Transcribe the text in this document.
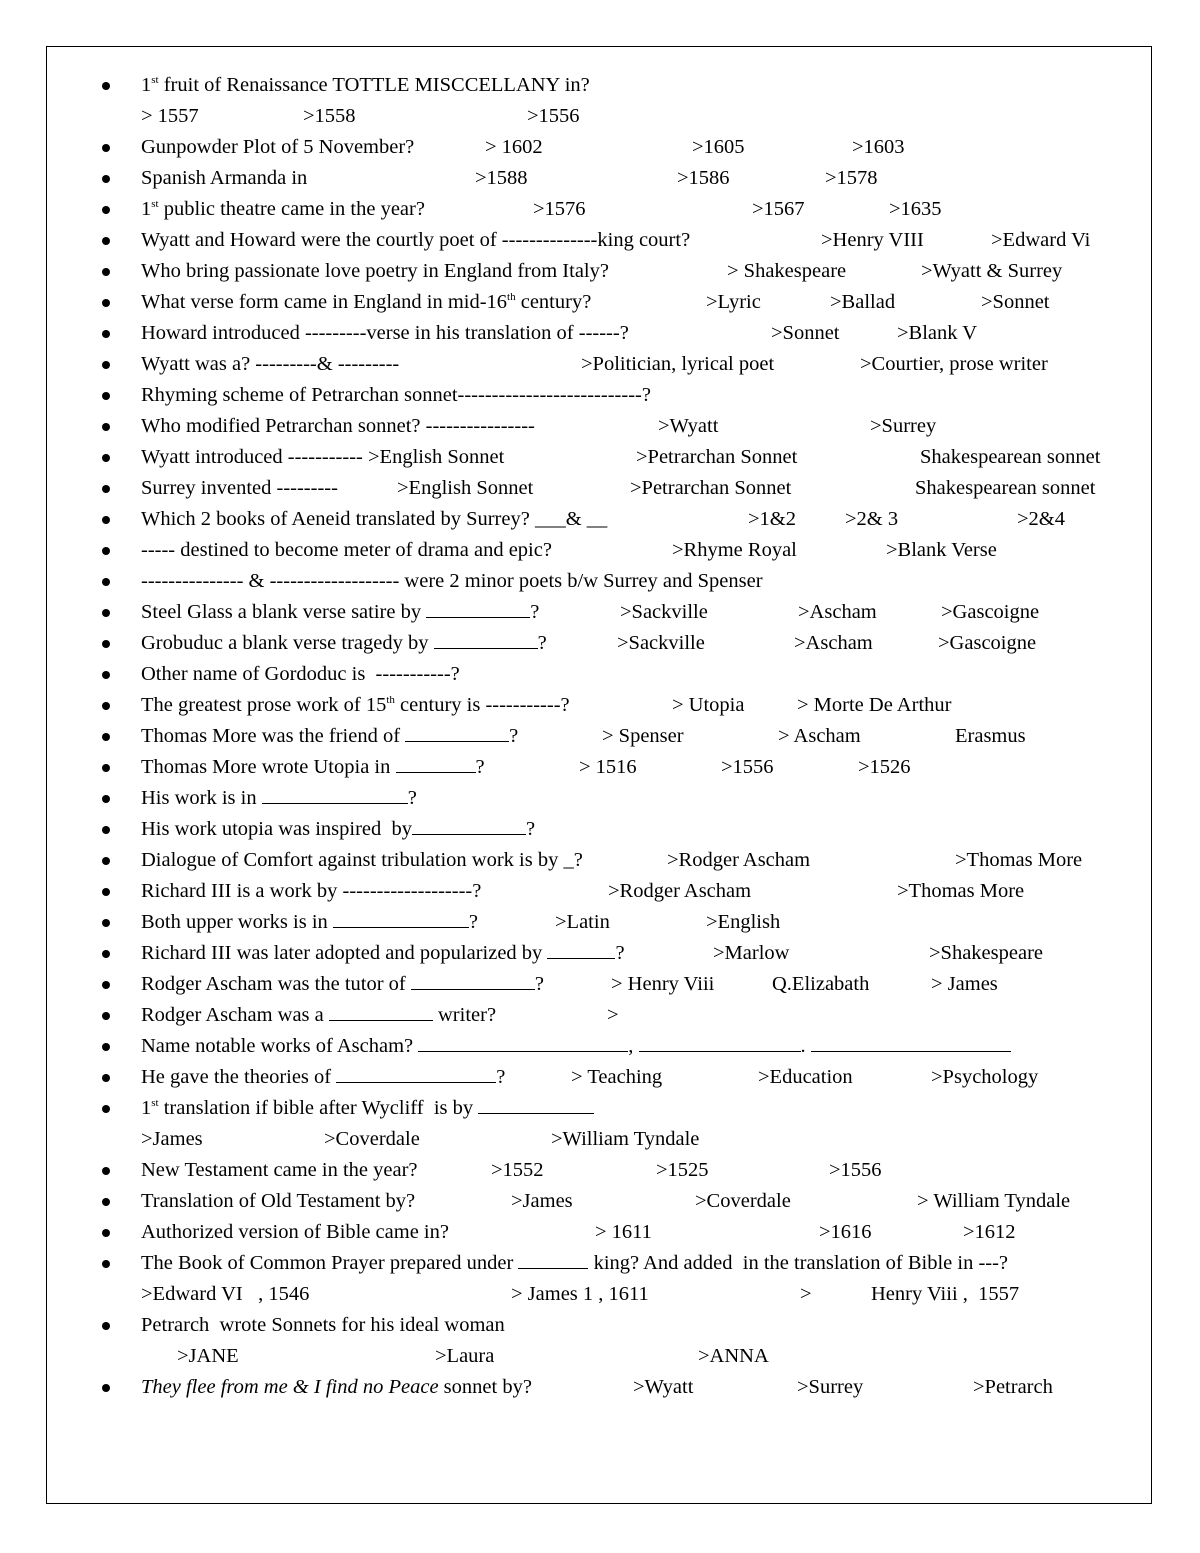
1st fruit of Renaissance TOTTLE MISCCELLANY in?
> 1557	>1558	>1556
Gunpowder Plot of 5 November?	> 1602	>1605	>1603
Spanish Armanda in	>1588	>1586	>1578
1st public theatre came in the year?	>1576	>1567	>1635
Wyatt and Howard were the courtly poet of --------------king court?	>Henry VIII	>Edward Vi
Who bring passionate love poetry in England from Italy?	> Shakespeare	>Wyatt & Surrey
What verse form came in England in mid-16th century?	>Lyric	>Ballad	>Sonnet
Howard introduced ---------verse in his translation of ------?	>Sonnet	>Blank V
Wyatt was a? ---------& ---------	>Politician, lyrical poet	>Courtier, prose writer
Rhyming scheme of Petrarchan sonnet---------------------------?
Who modified Petrarchan sonnet? ----------------	>Wyatt	>Surrey
Wyatt introduced ----------- >English Sonnet	>Petrarchan Sonnet	Shakespearean sonnet
Surrey invented ---------	>English Sonnet	>Petrarchan Sonnet	Shakespearean sonnet
Which 2 books of Aeneid translated by Surrey? ___& __	>1&2 >2& 3	>2&4
----- destined to become meter of drama and epic?	>Rhyme Royal	>Blank Verse
--------------- & ------------------- were 2 minor poets b/w Surrey and Spenser
Steel Glass a blank verse satire by	?	>Sackville	>Ascham	>Gascoigne
Grobuduc a blank verse tragedy by	?	>Sackville	>Ascham	>Gascoigne
Other name of Gordoduc is  -----------?
The greatest prose work of 15th century is -----------?	> Utopia	> Morte De Arthur
Thomas More was the friend of	?	> Spenser	> Ascham	Erasmus
Thomas More wrote Utopia in	?	> 1516	>1556	>1526
His work is in	?
His work utopia was inspired  by	?
Dialogue of Comfort against tribulation work is by _?	>Rodger Ascham	>Thomas More
Richard III is a work by -------------------?	>Rodger Ascham	>Thomas More
Both upper works is in	?	>Latin	>English
Richard III was later adopted and popularized by	?	>Marlow	>Shakespeare
Rodger Ascham was the tutor of	?	> Henry Viii	Q.Elizabath	> James
Rodger Ascham was a	writer?	>
Name notable works of Ascham?	,	.
He gave the theories of	?	> Teaching	>Education	>Psychology
1st translation if bible after Wycliff  is by
>James	>Coverdale	>William Tyndale
New Testament came in the year?	>1552	>1525	>1556
Translation of Old Testament by?	>James	>Coverdale	> William Tyndale
Authorized version of Bible came in?	> 1611	>1616	>1612
The Book of Common Prayer prepared under	king? And added  in the translation of Bible in ---?
>Edward VI   , 1546	> James 1 , 1611	>	Henry Viii ,  1557
Petrarch  wrote Sonnets for his ideal woman
>JANE	>Laura	>ANNA
They flee from me & I find no Peace sonnet by?	>Wyatt	>Surrey	>Petrarch
